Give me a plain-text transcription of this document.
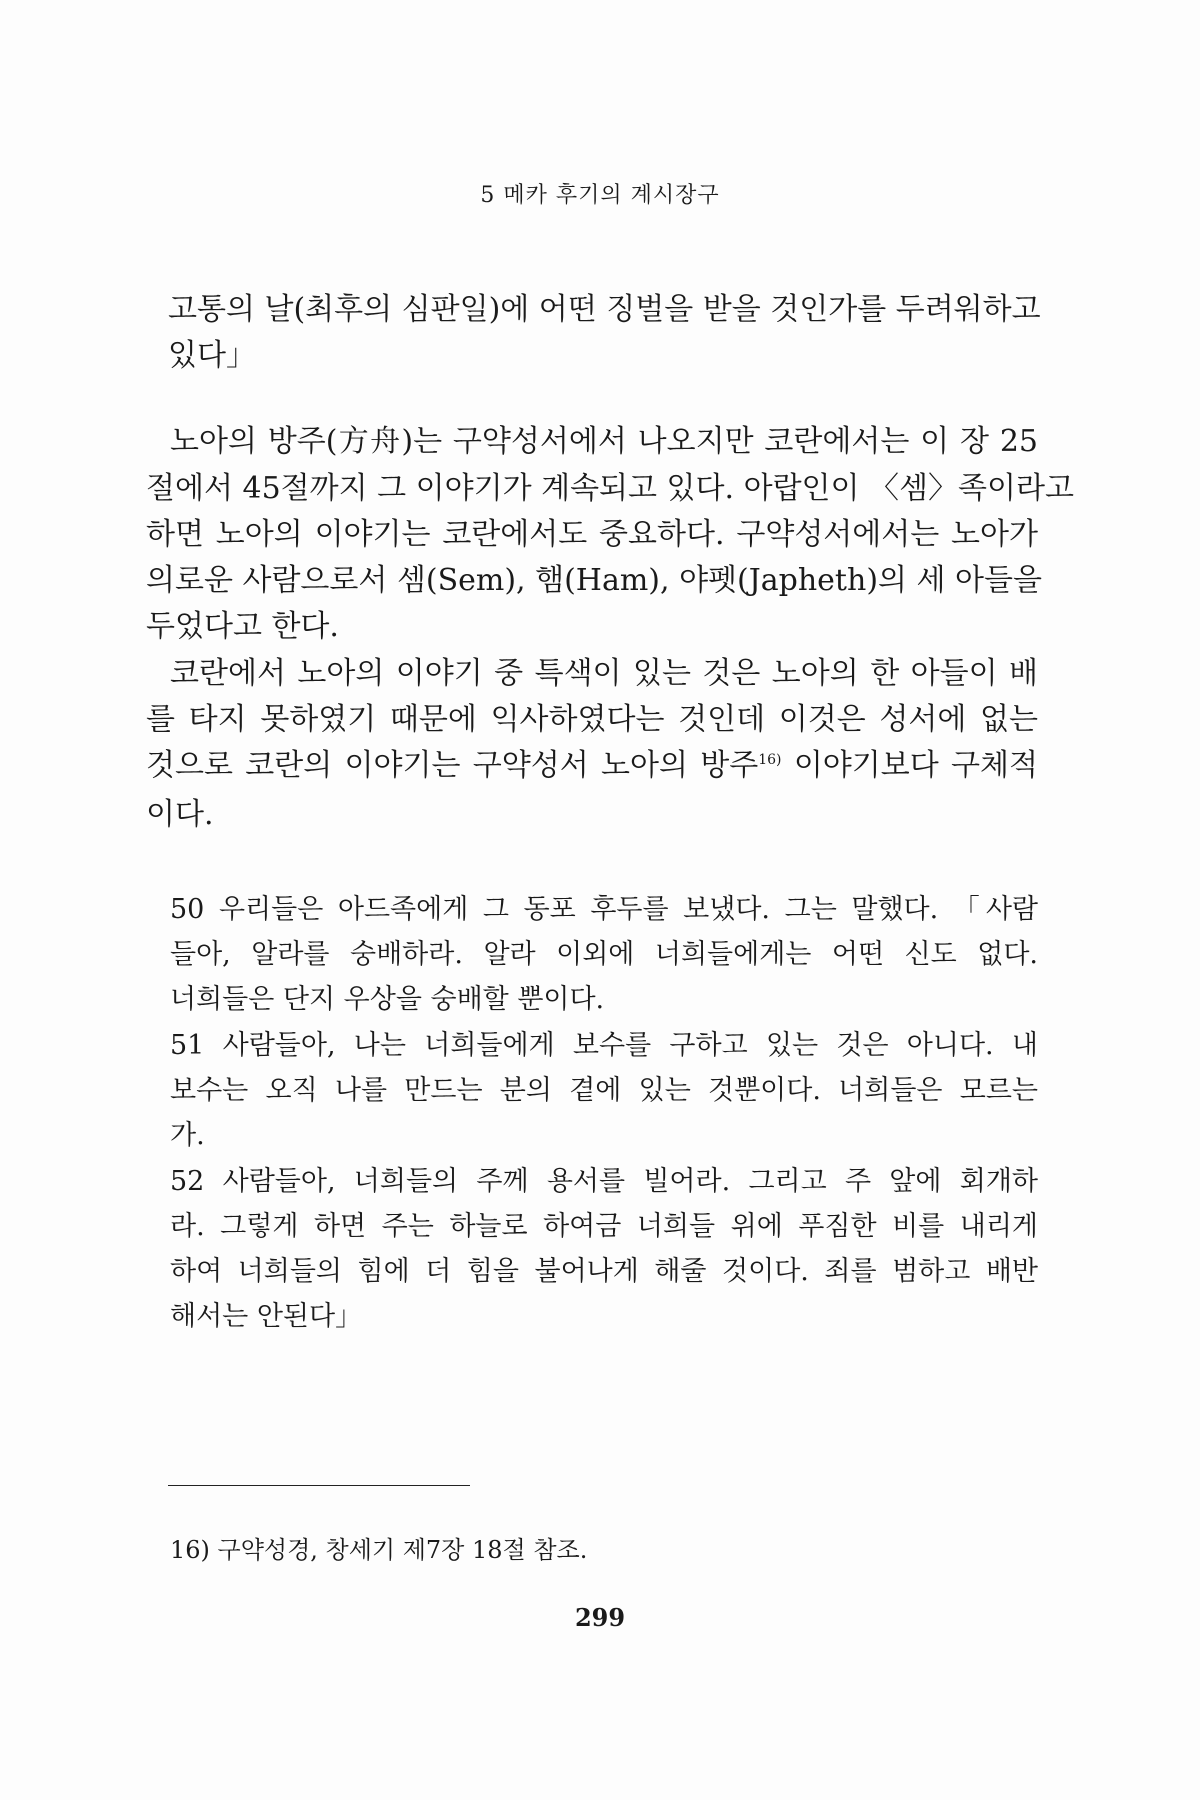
5 메카 후기의 계시장구
고통의 날(최후의 심판일)에 어떤 징벌을 받을 것인가를 두려워하고
있다」
노아의 방주(方舟)는 구약성서에서 나오지만 코란에서는 이 장 25
절에서 45절까지 그 이야기가 계속되고 있다. 아랍인이 〈셈〉족이라고
하면 노아의 이야기는 코란에서도 중요하다. 구약성서에서는 노아가
의로운 사람으로서 셈(Sem), 햄(Ham), 야펫(Japheth)의 세 아들을
두었다고 한다.
코란에서 노아의 이야기 중 특색이 있는 것은 노아의 한 아들이 배
를 타지 못하였기 때문에 익사하였다는 것인데 이것은 성서에 없는
것으로 코란의 이야기는 구약성서 노아의 방주$^{16)}$ 이야기보다 구체적
이다.
50 우리들은 아드족에게 그 동포 후두를 보냈다. 그는 말했다. 「사람
들아, 알라를 숭배하라. 알라 이외에 너희들에게는 어떤 신도 없다.
너희들은 단지 우상을 숭배할 뿐이다.
51 사람들아, 나는 너희들에게 보수를 구하고 있는 것은 아니다. 내
보수는 오직 나를 만드는 분의 곁에 있는 것뿐이다. 너희들은 모르는
가.
52 사람들아, 너희들의 주께 용서를 빌어라. 그리고 주 앞에 회개하
라. 그렇게 하면 주는 하늘로 하여금 너희들 위에 푸짐한 비를 내리게
하여 너희들의 힘에 더 힘을 불어나게 해줄 것이다. 죄를 범하고 배반
해서는 안된다」
16) 구약성경, 창세기 제7장 18절 참조.
299
